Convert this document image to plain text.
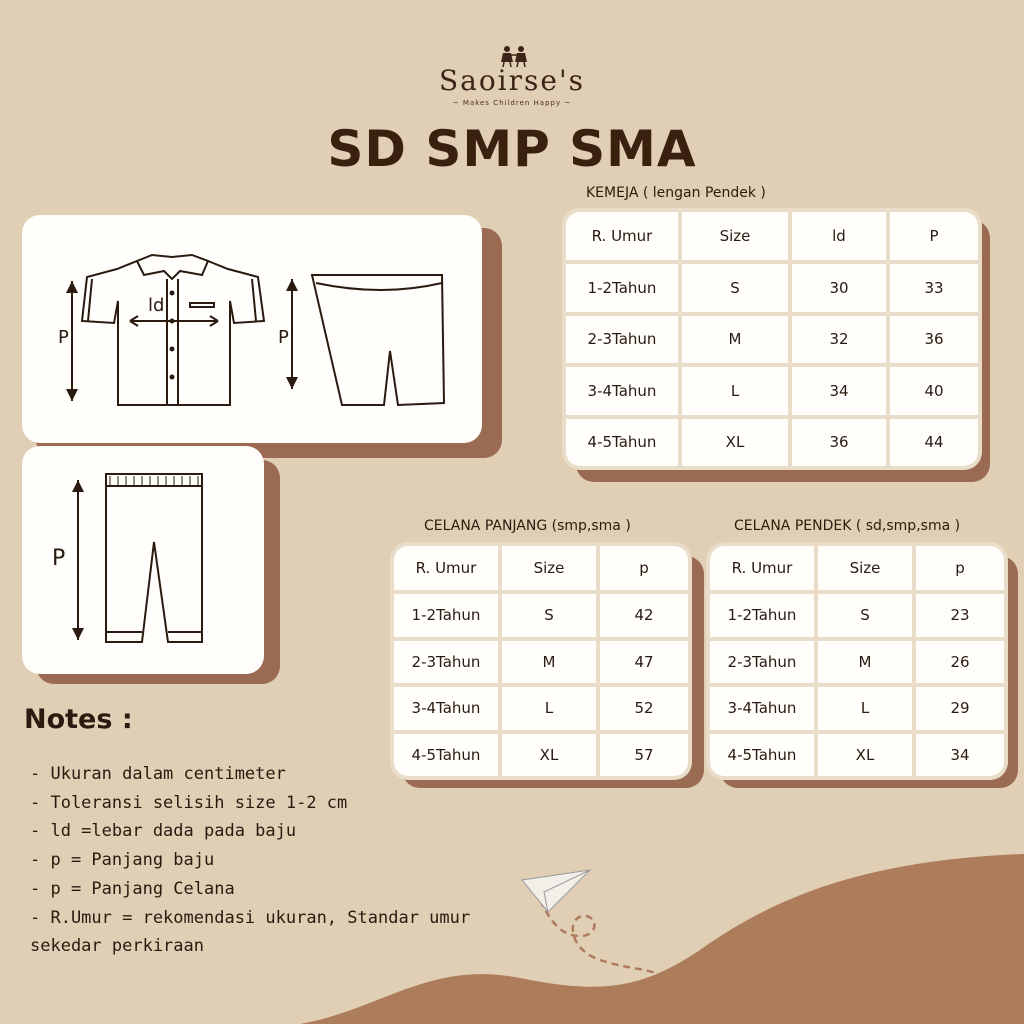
Saoirse's
~ Makes Children Happy ~
SD SMP SMA
ld
P	P
P
KEMEJA ( lengan Pendek )
R. Umur	Size	ld	P
1-2Tahun	S	30	33
2-3Tahun	M	32	36
3-4Tahun	L	34	40
4-5Tahun	XL	36	44
CELANA PANJANG (smp,sma )
R. Umur	Size	p
1-2Tahun	S	42
2-3Tahun	M	47
3-4Tahun	L	52
4-5Tahun	XL	57
CELANA PENDEK ( sd,smp,sma )
R. Umur	Size	p
1-2Tahun	S	23
2-3Tahun	M	26
3-4Tahun	L	29
4-5Tahun	XL	34
Notes :
- Ukuran dalam centimeter
- Toleransi selisih size 1-2 cm
- ld =lebar dada pada baju
- p = Panjang baju
- p = Panjang Celana
- R.Umur = rekomendasi ukuran, Standar umur
sekedar perkiraan
